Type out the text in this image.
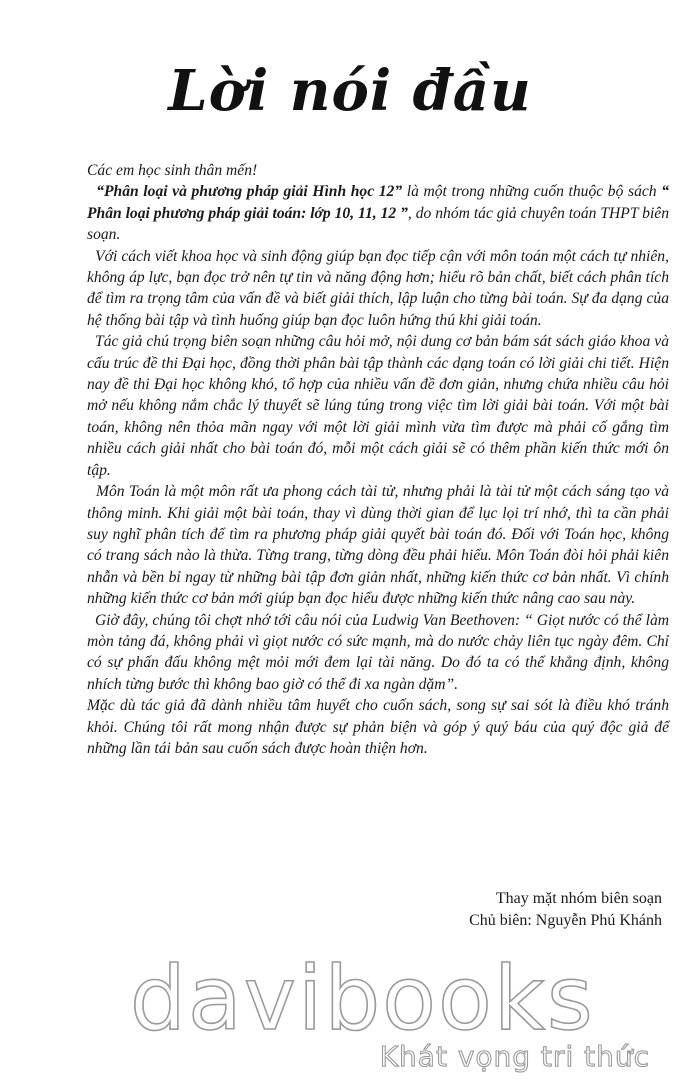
Lời nói đầu

Các em học sinh thân mến!

“Phân loại và phương pháp giải Hình học 12” là một trong những cuốn thuộc bộ sách “ Phân loại phương pháp giải toán: lớp 10, 11, 12 ”, do nhóm tác giả chuyên toán THPT biên soạn.

Với cách viết khoa học và sinh động giúp bạn đọc tiếp cận với môn toán một cách tự nhiên, không áp lực, bạn đọc trở nên tự tin và năng động hơn; hiểu rõ bản chất, biết cách phân tích để tìm ra trọng tâm của vấn đề và biết giải thích, lập luận cho từng bài toán. Sự đa dạng của hệ thống bài tập và tình huống giúp bạn đọc luôn hứng thú khi giải toán.

Tác giả chú trọng biên soạn những câu hỏi mở, nội dung cơ bản bám sát sách giáo khoa và cấu trúc đề thi Đại học, đồng thời phân bài tập thành các dạng toán có lời giải chi tiết. Hiện nay đề thi Đại học không khó, tổ hợp của nhiều vấn đề đơn giản, nhưng chứa nhiều câu hỏi mở nếu không nắm chắc lý thuyết sẽ lúng túng trong việc tìm lời giải bài toán. Với một bài toán, không nên thỏa mãn ngay với một lời giải mình vừa tìm được mà phải cố gắng tìm nhiều cách giải nhất cho bài toán đó, mỗi một cách giải sẽ có thêm phần kiến thức mới ôn tập.

Môn Toán là một môn rất ưa phong cách tài tử, nhưng phải là tài tử một cách sáng tạo và thông minh. Khi giải một bài toán, thay vì dùng thời gian để lục lọi trí nhớ, thì ta cần phải suy nghĩ phân tích để tìm ra phương pháp giải quyết bài toán đó. Đối với Toán học, không có trang sách nào là thừa. Từng trang, từng dòng đều phải hiểu. Môn Toán đòi hỏi phải kiên nhẫn và bền bỉ ngay từ những bài tập đơn giản nhất, những kiến thức cơ bản nhất. Vì chính những kiến thức cơ bản mới giúp bạn đọc hiểu được những kiến thức nâng cao sau này.

Giờ đây, chúng tôi chợt nhớ tới câu nói của Ludwig Van Beethoven: “ Giọt nước có thể làm mòn tảng đá, không phải vì giọt nước có sức mạnh, mà do nước chảy liên tục ngày đêm. Chỉ có sự phấn đấu không mệt mỏi mới đem lại tài năng. Do đó ta có thể khẳng định, không nhích từng bước thì không bao giờ có thể đi xa ngàn dặm”.

Mặc dù tác giả đã dành nhiều tâm huyết cho cuốn sách, song sự sai sót là điều khó tránh khỏi. Chúng tôi rất mong nhận được sự phản biện và góp ý quý báu của quý độc giả để những lần tái bản sau cuốn sách được hoàn thiện hơn.

Thay mặt nhóm biên soạn
Chủ biên: Nguyễn Phú Khánh
davibooks
Khát vọng tri thức
